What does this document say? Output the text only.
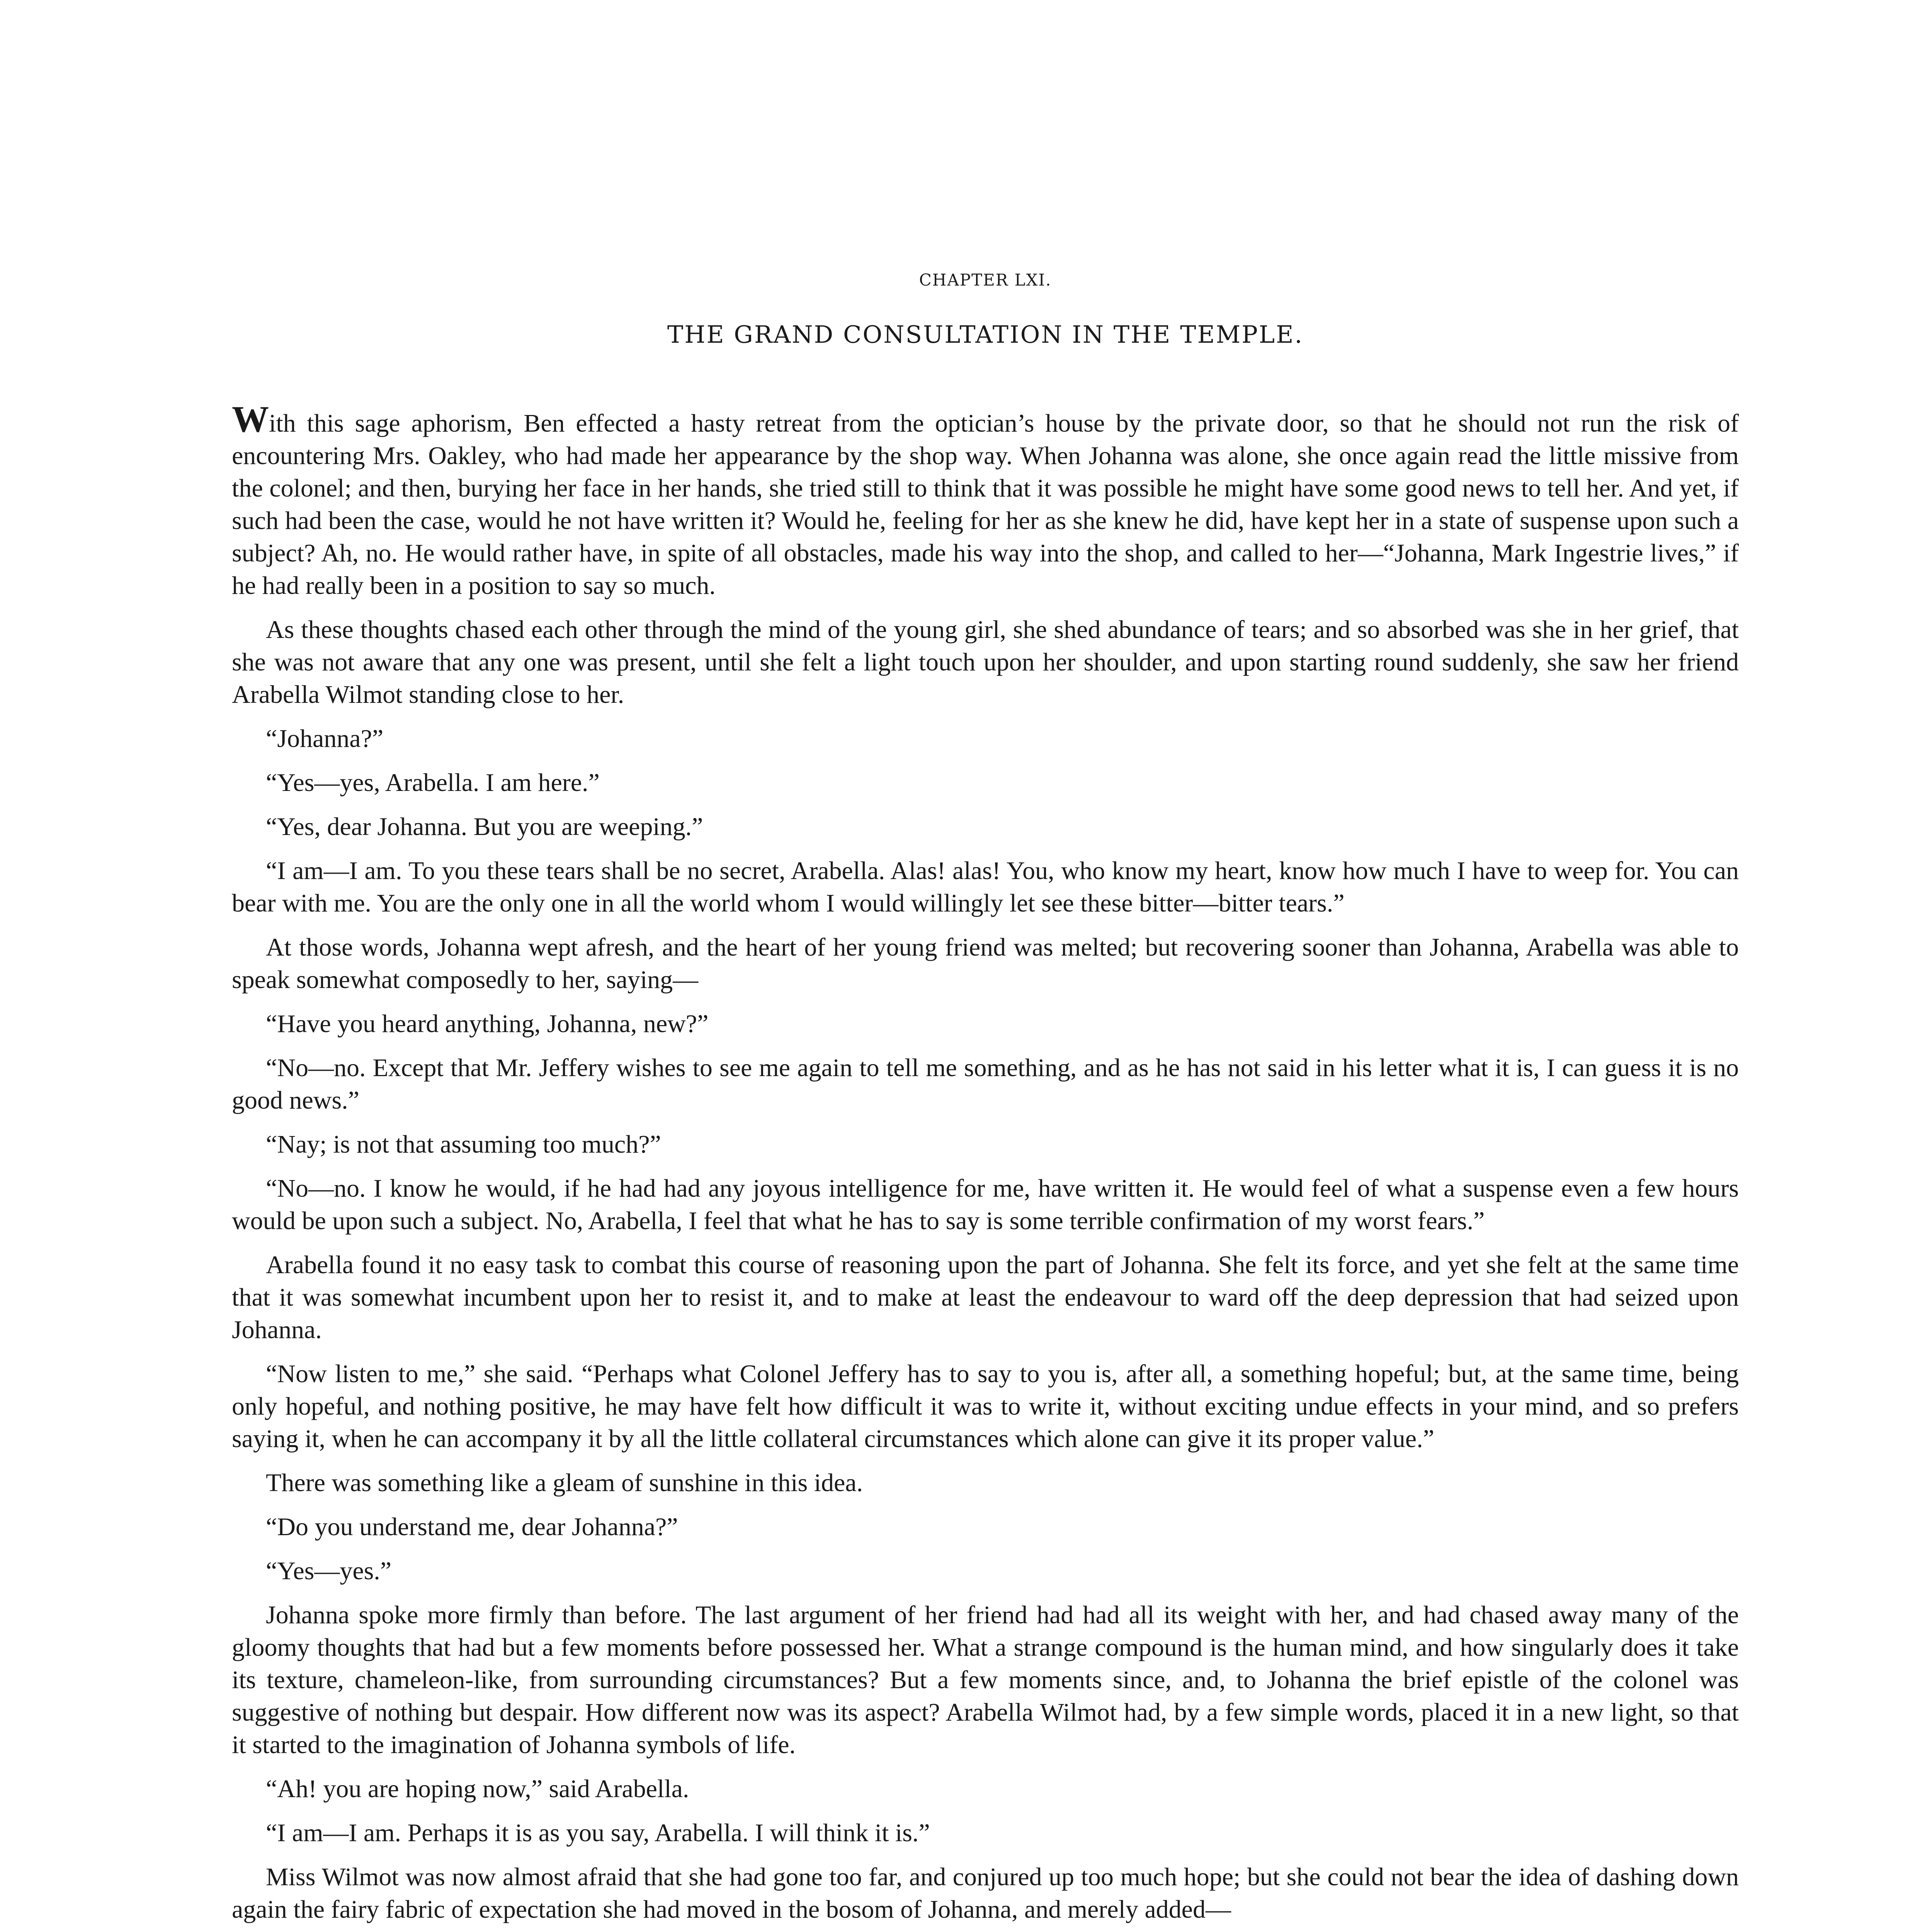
CHAPTER LXI.
THE GRAND CONSULTATION IN THE TEMPLE.

With this sage aphorism, Ben effected a hasty retreat from the optician’s house by the private door, so that he should not run the risk of encountering Mrs. Oakley, who had made her appearance by the shop way. When Johanna was alone, she once again read the little missive from the colonel; and then, burying her face in her hands, she tried still to think that it was possible he might have some good news to tell her. And yet, if such had been the case, would he not have written it? Would he, feeling for her as she knew he did, have kept her in a state of suspense upon such a subject? Ah, no. He would rather have, in spite of all obstacles, made his way into the shop, and called to her—“Johanna, Mark Ingestrie lives,” if he had really been in a position to say so much.

As these thoughts chased each other through the mind of the young girl, she shed abundance of tears; and so absorbed was she in her grief, that she was not aware that any one was present, until she felt a light touch upon her shoulder, and upon starting round suddenly, she saw her friend Arabella Wilmot standing close to her.

“Johanna?”

“Yes—yes, Arabella. I am here.”

“Yes, dear Johanna. But you are weeping.”

“I am—I am. To you these tears shall be no secret, Arabella. Alas! alas! You, who know my heart, know how much I have to weep for. You can bear with me. You are the only one in all the world whom I would willingly let see these bitter—bitter tears.”

At those words, Johanna wept afresh, and the heart of her young friend was melted; but recovering sooner than Johanna, Arabella was able to speak somewhat composedly to her, saying—

“Have you heard anything, Johanna, new?”

“No—no. Except that Mr. Jeffery wishes to see me again to tell me something, and as he has not said in his letter what it is, I can guess it is no good news.”

“Nay; is not that assuming too much?”

“No—no. I know he would, if he had had any joyous intelligence for me, have written it. He would feel of what a suspense even a few hours would be upon such a subject. No, Arabella, I feel that what he has to say is some terrible confirmation of my worst fears.”

Arabella found it no easy task to combat this course of reasoning upon the part of Johanna. She felt its force, and yet she felt at the same time that it was somewhat incumbent upon her to resist it, and to make at least the endeavour to ward off the deep depression that had seized upon Johanna.

“Now listen to me,” she said. “Perhaps what Colonel Jeffery has to say to you is, after all, a something hopeful; but, at the same time, being only hopeful, and nothing positive, he may have felt how difficult it was to write it, without exciting undue effects in your mind, and so prefers saying it, when he can accompany it by all the little collateral circumstances which alone can give it its proper value.”

There was something like a gleam of sunshine in this idea.

“Do you understand me, dear Johanna?”

“Yes—yes.”

Johanna spoke more firmly than before. The last argument of her friend had had all its weight with her, and had chased away many of the gloomy thoughts that had but a few moments before possessed her. What a strange compound is the human mind, and how singularly does it take its texture, chameleon-like, from surrounding circumstances? But a few moments since, and, to Johanna the brief epistle of the colonel was suggestive of nothing but despair. How different now was its aspect? Arabella Wilmot had, by a few simple words, placed it in a new light, so that it started to the imagination of Johanna symbols of life.

“Ah! you are hoping now,” said Arabella.

“I am—I am. Perhaps it is as you say, Arabella. I will think it is.”

Miss Wilmot was now almost afraid that she had gone too far, and conjured up too much hope; but she could not bear the idea of dashing down again the fairy fabric of expectation she had moved in the bosom of Johanna, and merely added—
